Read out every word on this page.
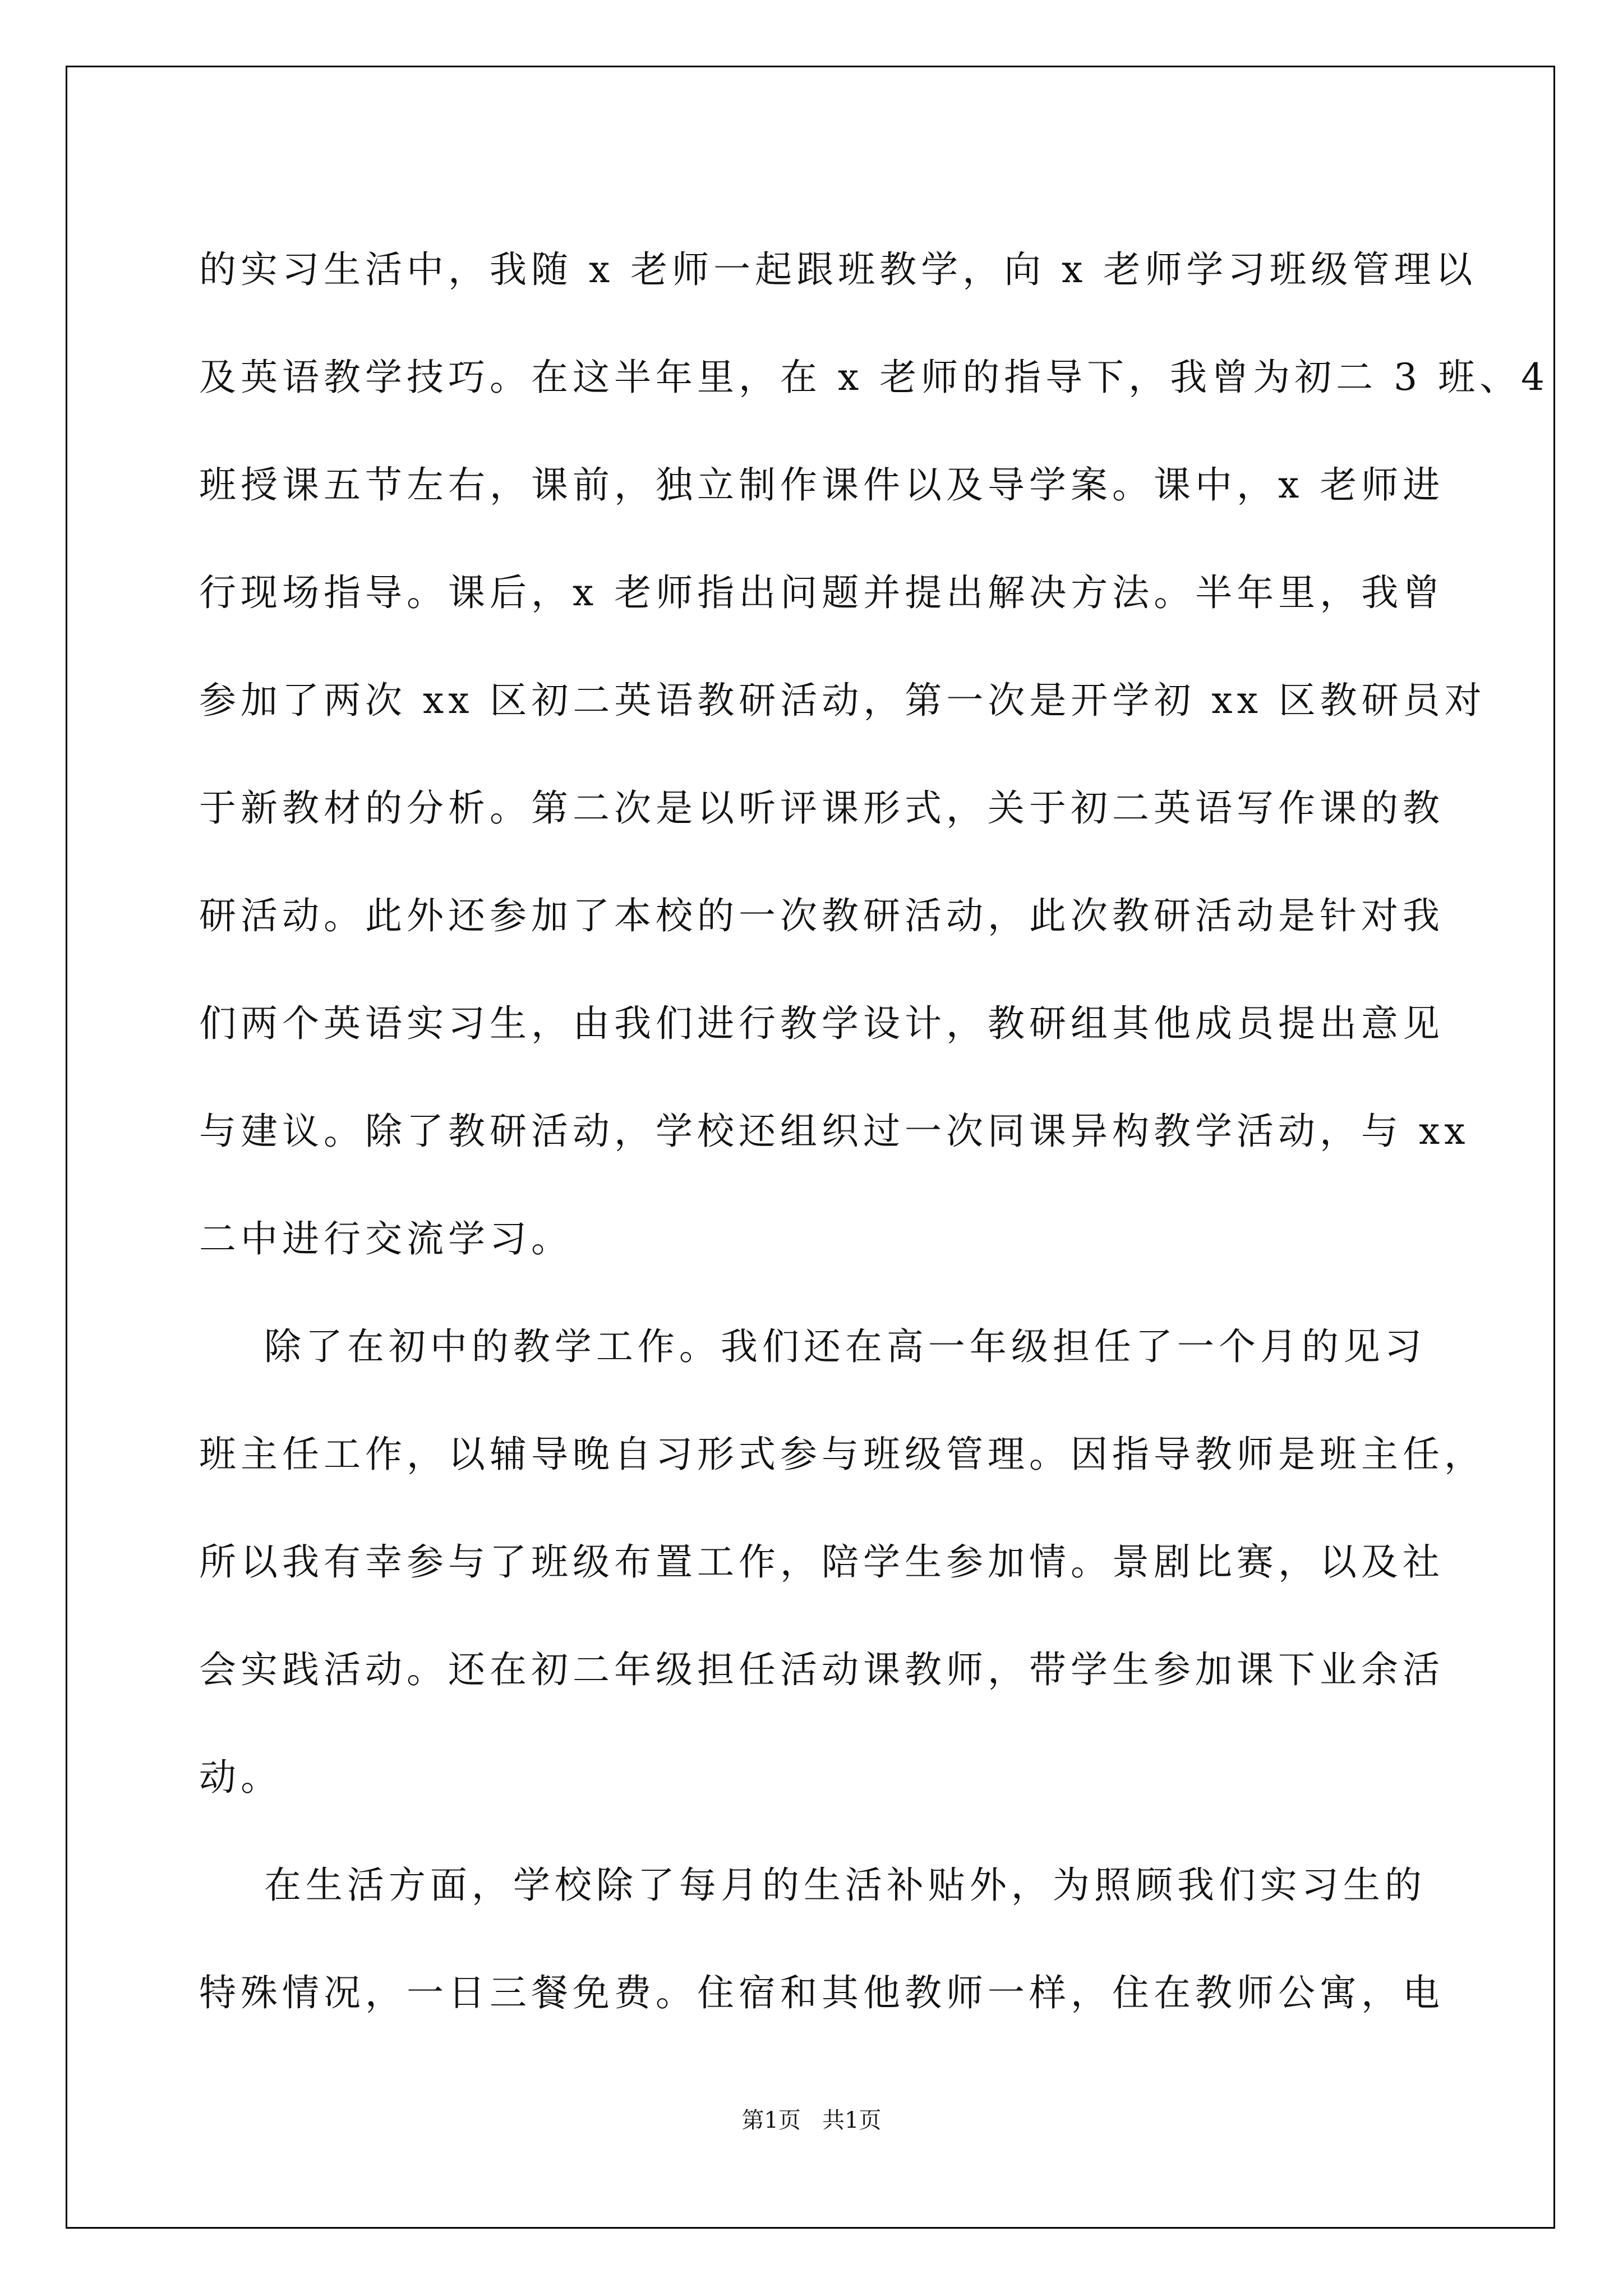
的实习生活中，我随 x 老师一起跟班教学，向 x 老师学习班级管理以
及英语教学技巧。在这半年里，在 x 老师的指导下，我曾为初二 3 班、4
班授课五节左右，课前，独立制作课件以及导学案。课中，x 老师进
行现场指导。课后，x 老师指出问题并提出解决方法。半年里，我曾
参加了两次 xx 区初二英语教研活动，第一次是开学初 xx 区教研员对
于新教材的分析。第二次是以听评课形式，关于初二英语写作课的教
研活动。此外还参加了本校的一次教研活动，此次教研活动是针对我
们两个英语实习生，由我们进行教学设计，教研组其他成员提出意见
与建议。除了教研活动，学校还组织过一次同课异构教学活动，与 xx
二中进行交流学习。
除了在初中的教学工作。我们还在高一年级担任了一个月的见习
班主任工作，以辅导晚自习形式参与班级管理。因指导教师是班主任，
所以我有幸参与了班级布置工作，陪学生参加情。景剧比赛，以及社
会实践活动。还在初二年级担任活动课教师，带学生参加课下业余活
动。
在生活方面，学校除了每月的生活补贴外，为照顾我们实习生的
特殊情况，一日三餐免费。住宿和其他教师一样，住在教师公寓，电
第1页   共1页
